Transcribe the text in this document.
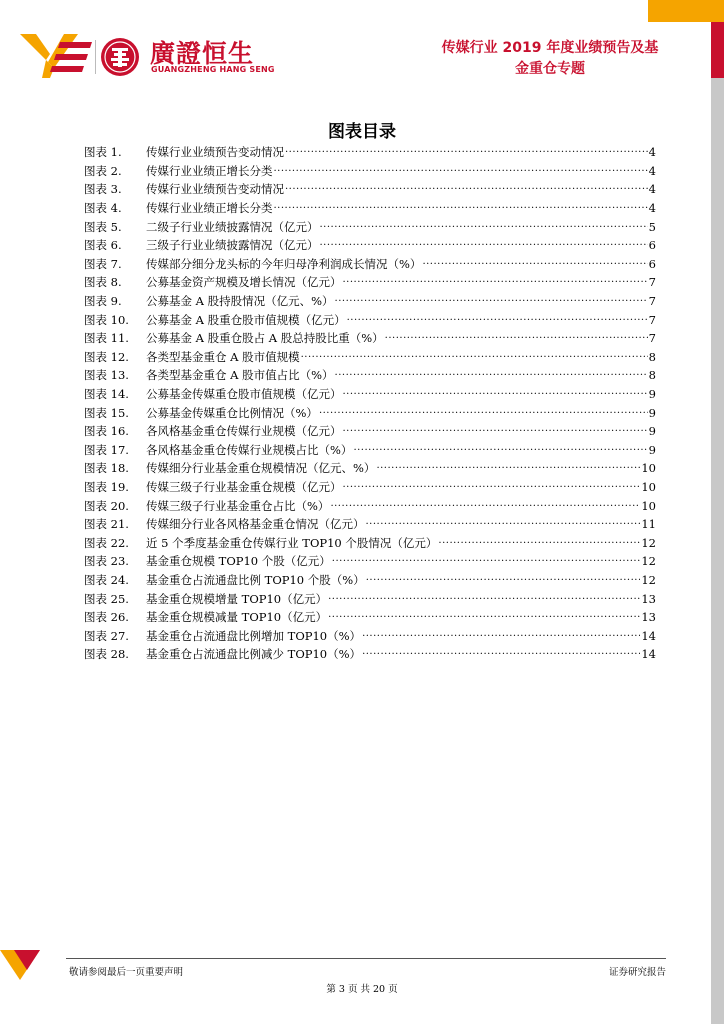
廣證恒生
GUANGZHENG HANG SENG
传媒行业 2019 年度业绩预告及基
金重仓专题
图表目录
图表 1.	传媒行业业绩预告变动情况 .....	4
图表 2.	传媒行业业绩正增长分类 .....	4
图表 3.	传媒行业业绩预告变动情况 .....	4
图表 4.	传媒行业业绩正增长分类 .....	4
图表 5.	二级子行业业绩披露情况（亿元） .....	5
图表 6.	三级子行业业绩披露情况（亿元） .....	6
图表 7.	传媒部分细分龙头标的今年归母净利润成长情况（%） .....	6
图表 8.	公募基金资产规模及增长情况（亿元） .....	7
图表 9.	公募基金 A 股持股情况（亿元、%） .....	7
图表 10.	公募基金 A 股重仓股市值规模（亿元） .....	7
图表 11.	公募基金 A 股重仓股占 A 股总持股比重（%） .....	7
图表 12.	各类型基金重仓 A 股市值规模 .....	8
图表 13.	各类型基金重仓 A 股市值占比（%） .....	8
图表 14.	公募基金传媒重仓股市值规模（亿元） .....	9
图表 15.	公募基金传媒重仓比例情况（%） .....	9
图表 16.	各风格基金重仓传媒行业规模（亿元） .....	9
图表 17.	各风格基金重仓传媒行业规模占比（%） .....	9
图表 18.	传媒细分行业基金重仓规模情况（亿元、%） .....	10
图表 19.	传媒三级子行业基金重仓规模（亿元） .....	10
图表 20.	传媒三级子行业基金重仓占比（%） .....	10
图表 21.	传媒细分行业各风格基金重仓情况（亿元） .....	11
图表 22.	近 5 个季度基金重仓传媒行业 TOP10 个股情况（亿元） .....	12
图表 23.	基金重仓规模 TOP10 个股（亿元） .....	12
图表 24.	基金重仓占流通盘比例 TOP10 个股（%） .....	12
图表 25.	基金重仓规模增量 TOP10（亿元） .....	13
图表 26.	基金重仓规模减量 TOP10（亿元） .....	13
图表 27.	基金重仓占流通盘比例增加 TOP10（%） .....	14
图表 28.	基金重仓占流通盘比例减少 TOP10（%） .....	14
敬请参阅最后一页重要声明	证券研究报告
第 3 页 共 20 页
